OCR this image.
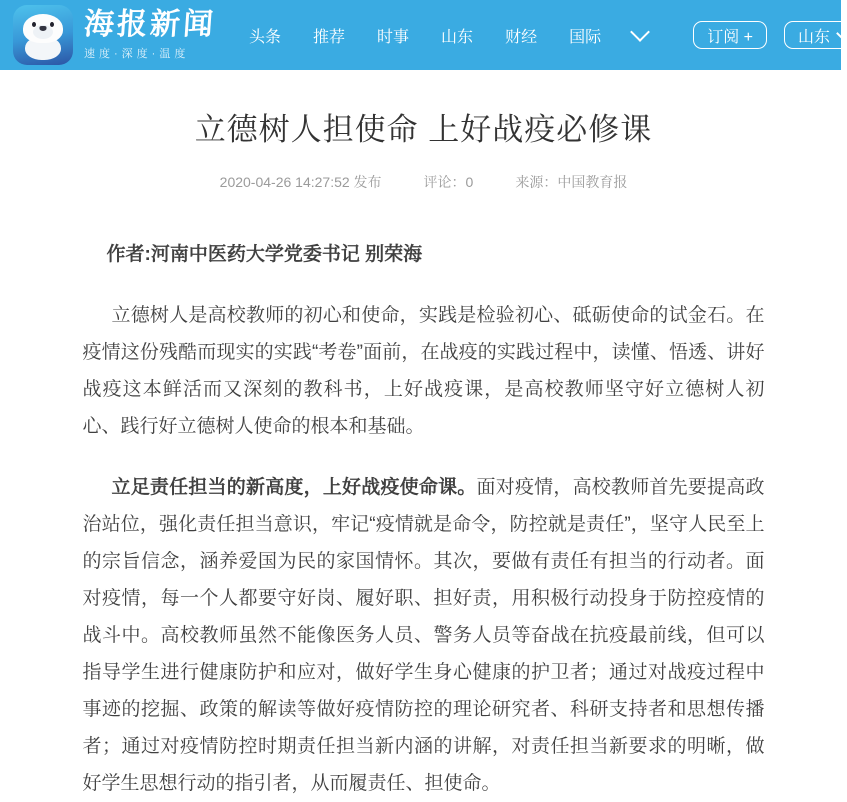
海报新闻
速度·深度·温度
头条	推荐	时事	山东	财经	国际	订阅 +	山东
立德树人担使命 上好战疫必修课
2020-04-26 14:27:52 发布	评论：0	来源：中国教育报

作者:河南中医药大学党委书记 别荣海

立德树人是高校教师的初心和使命，实践是检验初心、砥砺使命的试金石。在疫情这份残酷而现实的实践“考卷”面前，在战疫的实践过程中，读懂、悟透、讲好战疫这本鲜活而又深刻的教科书，上好战疫课，是高校教师坚守好立德树人初心、践行好立德树人使命的根本和基础。

立足责任担当的新高度，上好战疫使命课。面对疫情，高校教师首先要提高政治站位，强化责任担当意识，牢记“疫情就是命令，防控就是责任”，坚守人民至上的宗旨信念，涵养爱国为民的家国情怀。其次，要做有责任有担当的行动者。面对疫情，每一个人都要守好岗、履好职、担好责，用积极行动投身于防控疫情的战斗中。高校教师虽然不能像医务人员、警务人员等奋战在抗疫最前线，但可以指导学生进行健康防护和应对，做好学生身心健康的护卫者；通过对战疫过程中事迹的挖掘、政策的解读等做好疫情防控的理论研究者、科研支持者和思想传播者；通过对疫情防控时期责任担当新内涵的讲解，对责任担当新要求的明晰，做好学生思想行动的指引者，从而履责任、担使命。
